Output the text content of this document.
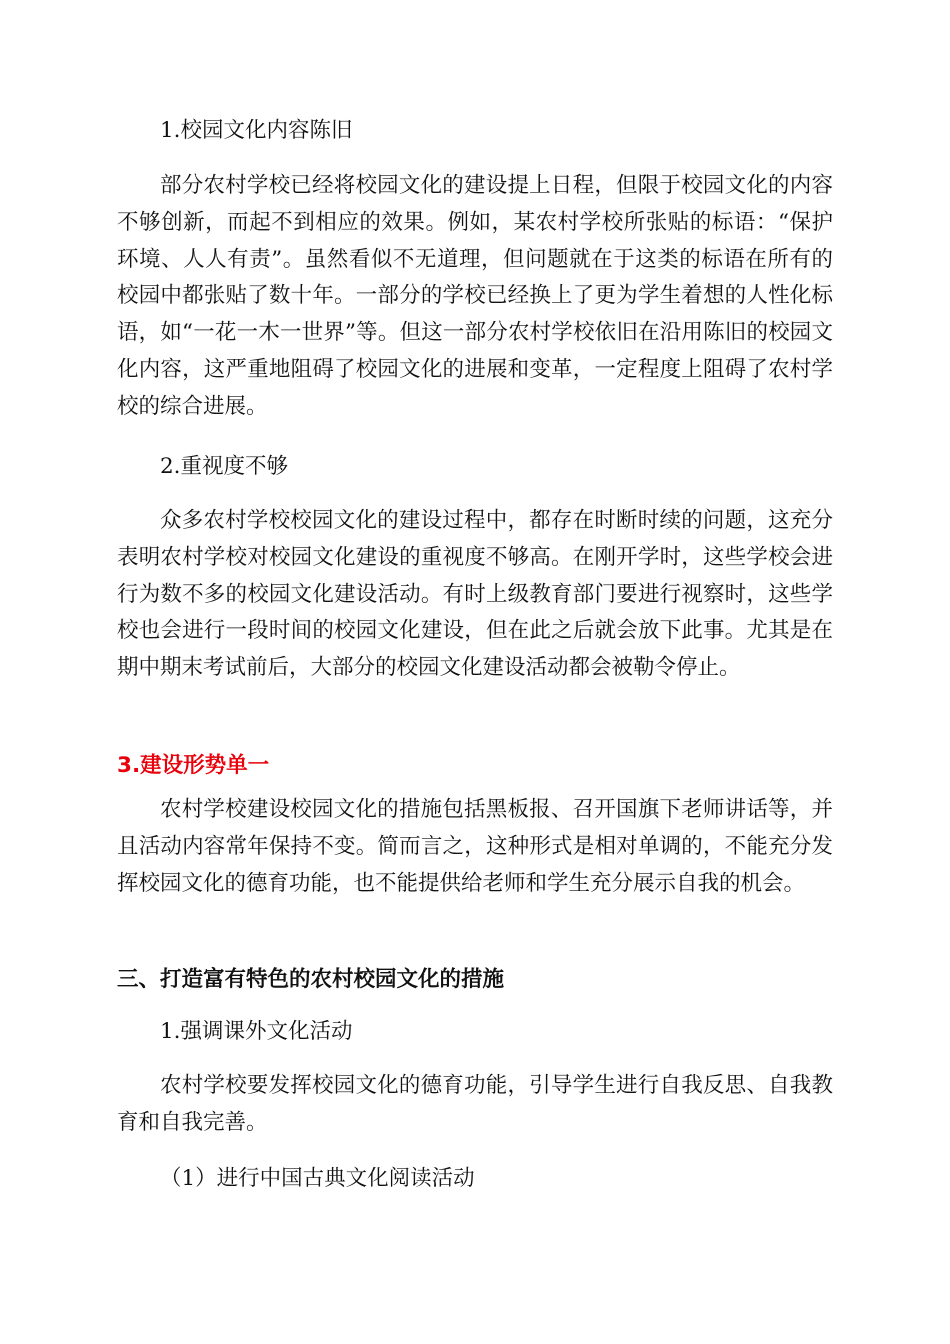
1.校园文化内容陈旧

部分农村学校已经将校园文化的建设提上日程，但限于校园文化的内容不够创新，而起不到相应的效果。例如，某农村学校所张贴的标语：“保护环境、人人有责”。虽然看似不无道理，但问题就在于这类的标语在所有的校园中都张贴了数十年。一部分的学校已经换上了更为学生着想的人性化标语，如“一花一木一世界”等。但这一部分农村学校依旧在沿用陈旧的校园文化内容，这严重地阻碍了校园文化的进展和变革，一定程度上阻碍了农村学校的综合进展。

2.重视度不够

众多农村学校校园文化的建设过程中，都存在时断时续的问题，这充分表明农村学校对校园文化建设的重视度不够高。在刚开学时，这些学校会进行为数不多的校园文化建设活动。有时上级教育部门要进行视察时，这些学校也会进行一段时间的校园文化建设，但在此之后就会放下此事。尤其是在期中期末考试前后，大部分的校园文化建设活动都会被勒令停止。

3.建设形势单一

农村学校建设校园文化的措施包括黑板报、召开国旗下老师讲话等，并且活动内容常年保持不变。简而言之，这种形式是相对单调的，不能充分发挥校园文化的德育功能，也不能提供给老师和学生充分展示自我的机会。

三、打造富有特色的农村校园文化的措施

1.强调课外文化活动

农村学校要发挥校园文化的德育功能，引导学生进行自我反思、自我教育和自我完善。

（1）进行中国古典文化阅读活动
